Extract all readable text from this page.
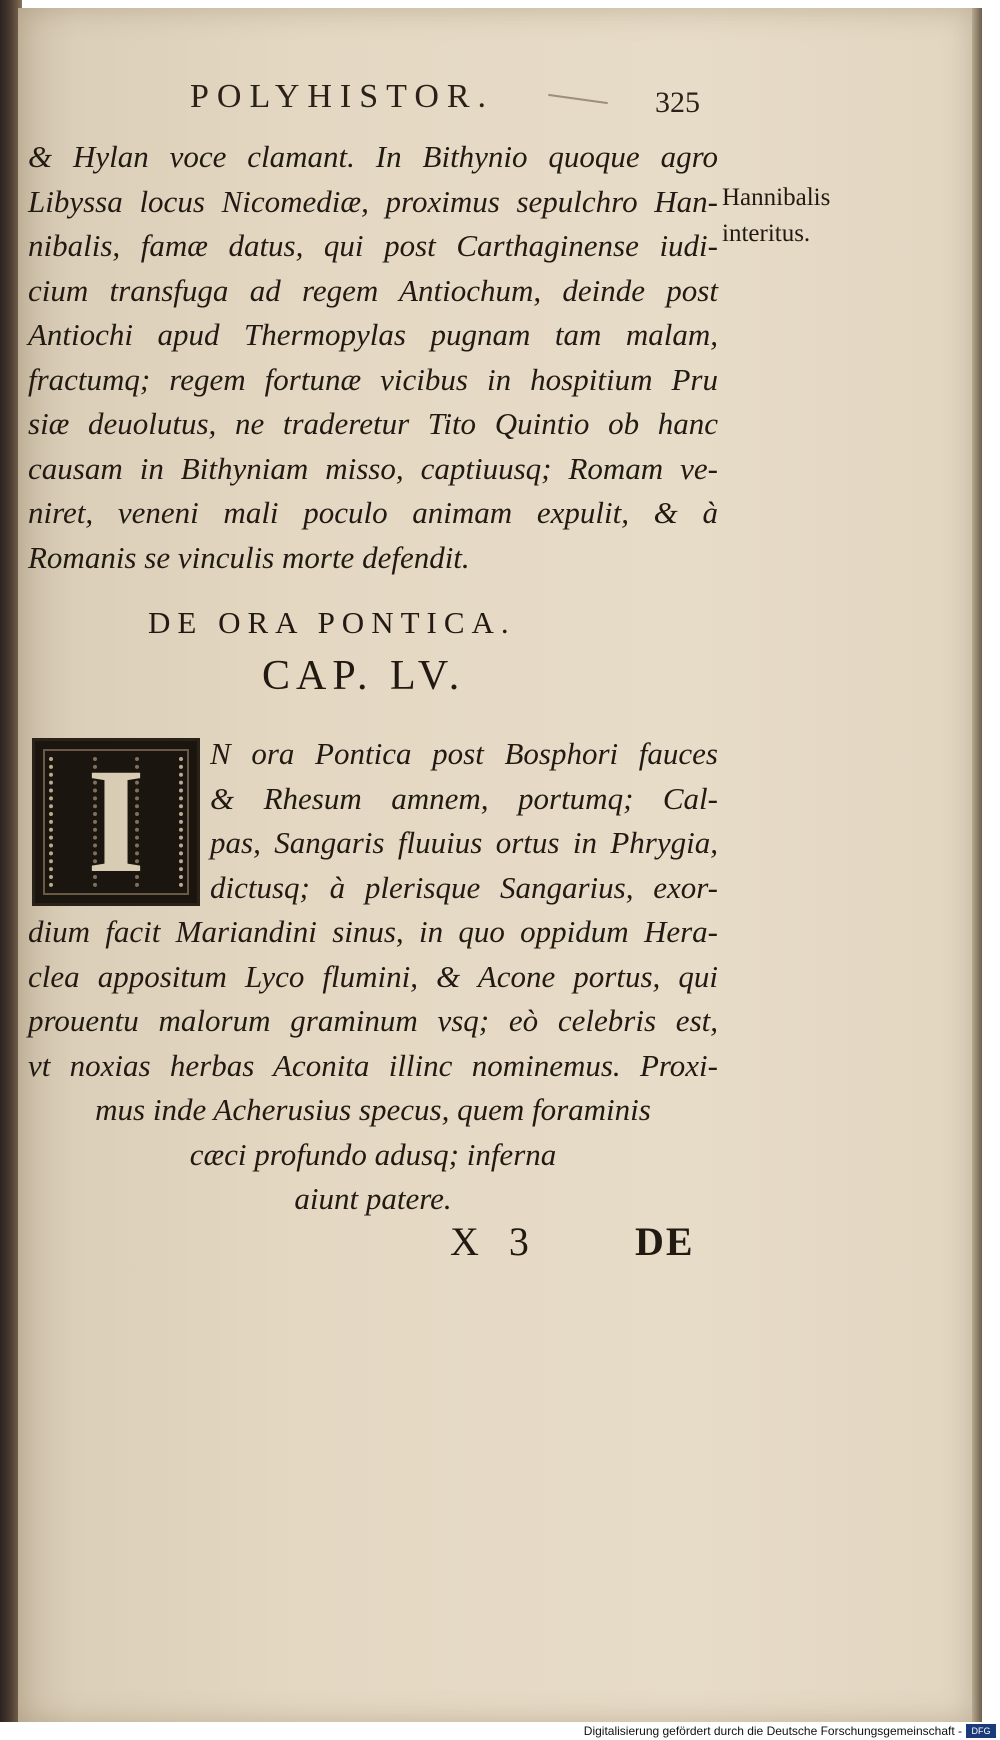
POLYHISTOR.	325
& Hylan voce clamant. In Bithynio quoque agro
Libyssa locus Nicomediæ, proximus sepulchro Han-
nibalis, famæ datus, qui post Carthaginense iudi-
cium transfuga ad regem Antiochum, deinde post
Antiochi apud Thermopylas pugnam tam malam,
fractumq; regem fortunæ vicibus in hospitium Pru
siæ deuolutus, ne traderetur Tito Quintio ob hanc
causam in Bithyniam misso, captiuusq; Romam ve-
niret, veneni mali poculo animam expulit, & à
Romanis se vinculis morte defendit.
Hannibalis
interitus.
DE ORA PONTICA.
CAP. LV.
I	N ora Pontica post Bosphori fauces
& Rhesum amnem, portumq; Cal-
pas, Sangaris fluuius ortus in Phrygia,
dictusq; à plerisque Sangarius, exor-
dium facit Mariandini sinus, in quo oppidum Hera-
clea appositum Lyco flumini, & Acone portus, qui
prouentu malorum graminum vsq; eò celebris est,
vt noxias herbas Aconita illinc nominemus. Proxi-
mus inde Acherusius specus, quem foraminis
cæci profundo adusq; inferna
aiunt patere.
X 3 DE
Digitalisierung gefördert durch die Deutsche Forschungsgemeinschaft -	DFG
